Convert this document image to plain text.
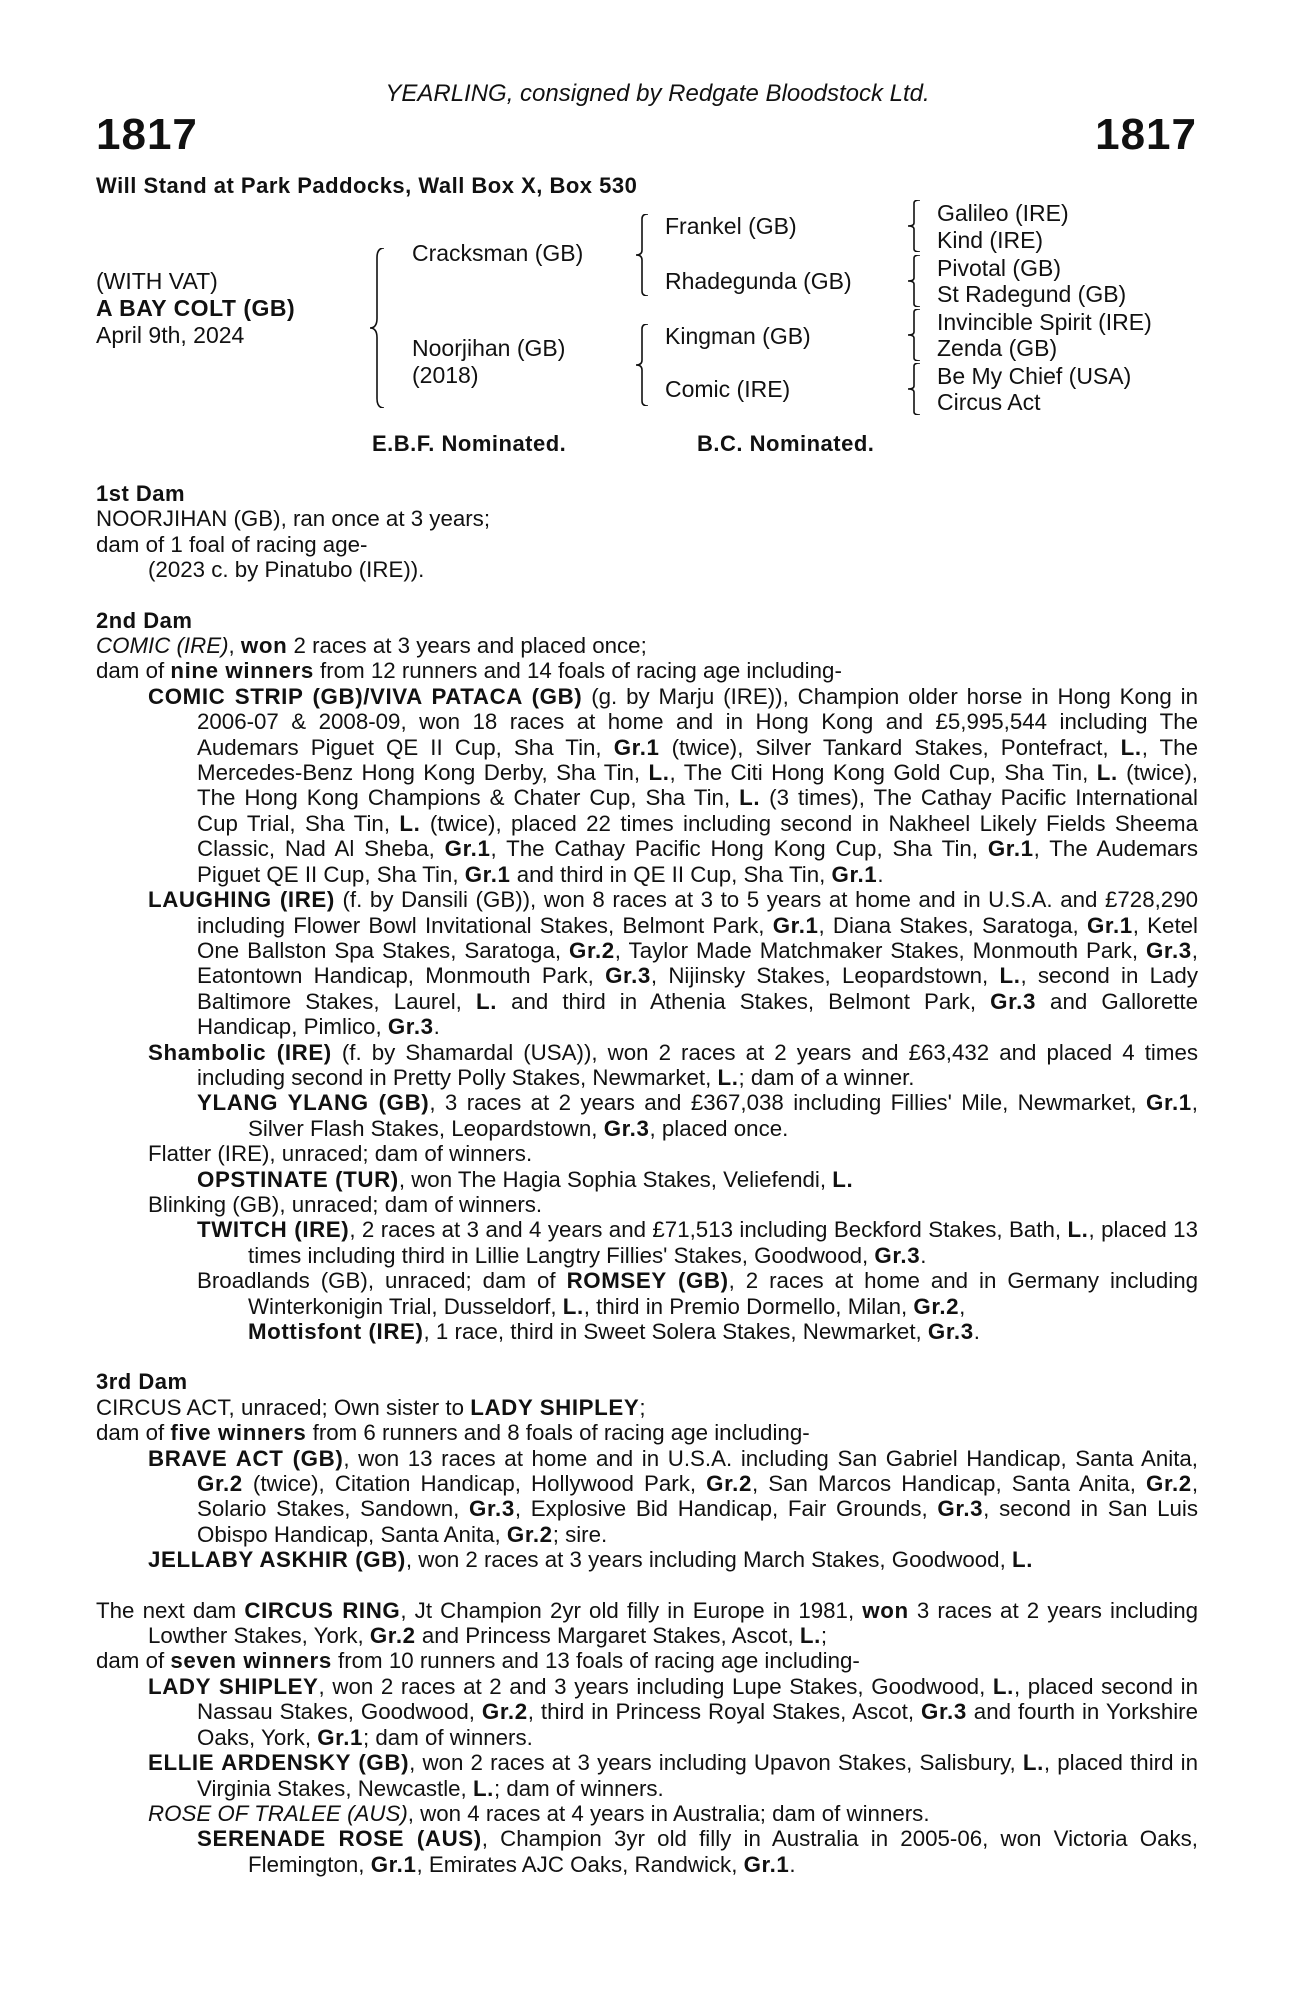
YEARLING, consigned by Redgate Bloodstock Ltd.
1817	1817
Will Stand at Park Paddocks, Wall Box X, Box 530
(WITH VAT)
A BAY COLT (GB)
April 9th, 2024
Cracksman (GB)
Noorjihan (GB)
(2018)
Frankel (GB)
Rhadegunda (GB)
Kingman (GB)
Comic (IRE)
Galileo (IRE)
Kind (IRE)
Pivotal (GB)
St Radegund (GB)
Invincible Spirit (IRE)
Zenda (GB)
Be My Chief (USA)
Circus Act
E.B.F. Nominated.	B.C. Nominated.
1st Dam
NOORJIHAN (GB), ran once at 3 years;
dam of 1 foal of racing age-
(2023 c. by Pinatubo (IRE)).
2nd Dam
COMIC (IRE), won 2 races at 3 years and placed once;
dam of nine winners from 12 runners and 14 foals of racing age including-
COMIC STRIP (GB)/VIVA PATACA (GB) (g. by Marju (IRE)), Champion older horse in Hong Kong in 2006-07 & 2008-09, won 18 races at home and in Hong Kong and £5,995,544 including The Audemars Piguet QE II Cup, Sha Tin, Gr.1 (twice), Silver Tankard Stakes, Pontefract, L., The Mercedes-Benz Hong Kong Derby, Sha Tin, L., The Citi Hong Kong Gold Cup, Sha Tin, L. (twice), The Hong Kong Champions & Chater Cup, Sha Tin, L. (3 times), The Cathay Pacific International Cup Trial, Sha Tin, L. (twice), placed 22 times including second in Nakheel Likely Fields Sheema Classic, Nad Al Sheba, Gr.1, The Cathay Pacific Hong Kong Cup, Sha Tin, Gr.1, The Audemars Piguet QE II Cup, Sha Tin, Gr.1 and third in QE II Cup, Sha Tin, Gr.1.
LAUGHING (IRE) (f. by Dansili (GB)), won 8 races at 3 to 5 years at home and in U.S.A. and £728,290 including Flower Bowl Invitational Stakes, Belmont Park, Gr.1, Diana Stakes, Saratoga, Gr.1, Ketel One Ballston Spa Stakes, Saratoga, Gr.2, Taylor Made Matchmaker Stakes, Monmouth Park, Gr.3, Eatontown Handicap, Monmouth Park, Gr.3, Nijinsky Stakes, Leopardstown, L., second in Lady Baltimore Stakes, Laurel, L. and third in Athenia Stakes, Belmont Park, Gr.3 and Gallorette Handicap, Pimlico, Gr.3.
Shambolic (IRE) (f. by Shamardal (USA)), won 2 races at 2 years and £63,432 and placed 4 times including second in Pretty Polly Stakes, Newmarket, L.; dam of a winner.
YLANG YLANG (GB), 3 races at 2 years and £367,038 including Fillies' Mile, Newmarket, Gr.1, Silver Flash Stakes, Leopardstown, Gr.3, placed once.
Flatter (IRE), unraced; dam of winners.
OPSTINATE (TUR), won The Hagia Sophia Stakes, Veliefendi, L.
Blinking (GB), unraced; dam of winners.
TWITCH (IRE), 2 races at 3 and 4 years and £71,513 including Beckford Stakes, Bath, L., placed 13 times including third in Lillie Langtry Fillies' Stakes, Goodwood, Gr.3.
Broadlands (GB), unraced; dam of ROMSEY (GB), 2 races at home and in Germany including Winterkonigin Trial, Dusseldorf, L., third in Premio Dormello, Milan, Gr.2,
Mottisfont (IRE), 1 race, third in Sweet Solera Stakes, Newmarket, Gr.3.
3rd Dam
CIRCUS ACT, unraced; Own sister to LADY SHIPLEY;
dam of five winners from 6 runners and 8 foals of racing age including-
BRAVE ACT (GB), won 13 races at home and in U.S.A. including San Gabriel Handicap, Santa Anita, Gr.2 (twice), Citation Handicap, Hollywood Park, Gr.2, San Marcos Handicap, Santa Anita, Gr.2, Solario Stakes, Sandown, Gr.3, Explosive Bid Handicap, Fair Grounds, Gr.3, second in San Luis Obispo Handicap, Santa Anita, Gr.2; sire.
JELLABY ASKHIR (GB), won 2 races at 3 years including March Stakes, Goodwood, L.
The next dam CIRCUS RING, Jt Champion 2yr old filly in Europe in 1981, won 3 races at 2 years including Lowther Stakes, York, Gr.2 and Princess Margaret Stakes, Ascot, L.;
dam of seven winners from 10 runners and 13 foals of racing age including-
LADY SHIPLEY, won 2 races at 2 and 3 years including Lupe Stakes, Goodwood, L., placed second in Nassau Stakes, Goodwood, Gr.2, third in Princess Royal Stakes, Ascot, Gr.3 and fourth in Yorkshire Oaks, York, Gr.1; dam of winners.
ELLIE ARDENSKY (GB), won 2 races at 3 years including Upavon Stakes, Salisbury, L., placed third in Virginia Stakes, Newcastle, L.; dam of winners.
ROSE OF TRALEE (AUS), won 4 races at 4 years in Australia; dam of winners.
SERENADE ROSE (AUS), Champion 3yr old filly in Australia in 2005-06, won Victoria Oaks, Flemington, Gr.1, Emirates AJC Oaks, Randwick, Gr.1.
